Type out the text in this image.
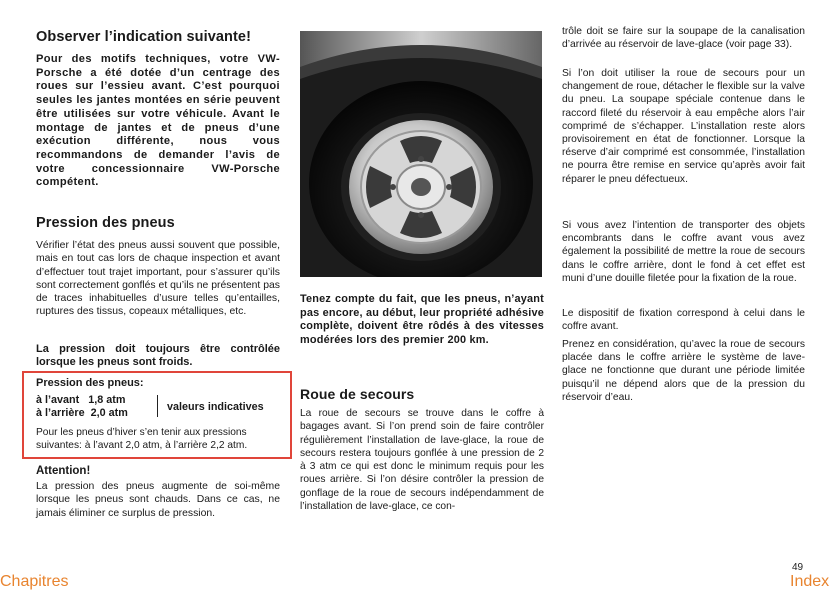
Observer l’indication suivante!

Pour des motifs techniques, votre VW-Porsche a été dotée d’un centrage des roues sur l’essieu avant. C’est pourquoi seules les jantes montées en série peuvent être utilisées sur votre véhicule. Avant le montage de jantes et de pneus d’une exécution différente, nous vous recommandons de demander l’avis de votre concessionnaire VW-Porsche compétent.

Pression des pneus

Vérifier l’état des pneus aussi souvent que possible, mais en tout cas lors de chaque inspection et avant d’effectuer tout trajet important, pour s’assurer qu’ils sont correctement gonflés et qu’ils ne présentent pas de traces inhabituelles d’usure telles qu’entailles, ruptures des tissus, copeaux métalliques, etc.

La pression doit toujours être contrôlée lorsque les pneus sont froids.

Pression des pneus:
à l’avant   1,8 atm
à l’arrière  2,0 atm	valeurs indicatives

Pour les pneus d’hiver s’en tenir aux pressions suivantes: à l’avant 2,0 atm, à l’arrière 2,2 atm.

Attention!

La pression des pneus augmente de soi-même lorsque les pneus sont chauds. Dans ce cas, ne jamais éliminer ce surplus de pression.

Tenez compte du fait, que les pneus, n’ayant pas encore, au début, leur propriété adhésive complète, doivent être rôdés à des vitesses modérées lors des premier 200 km.

Roue de secours

La roue de secours se trouve dans le coffre à bagages avant. Si l’on prend soin de faire contrôler régulièrement l’installation de lave-glace, la roue de secours restera toujours gonflée à une pression de 2 à 3 atm ce qui est donc le minimum requis pour les roues arrière. Si l’on désire contrôler la pression de gonflage de la roue de secours indépendamment de l’installation de lave-glace, ce con-

trôle doit se faire sur la soupape de la canalisation d’arrivée au réservoir de lave-glace (voir page 33).

Si l’on doit utiliser la roue de secours pour un changement de roue, détacher le flexible sur la valve du pneu. La soupape spéciale contenue dans le raccord fileté du réservoir à eau empêche alors l’air comprimé de s’échapper. L’installation reste alors provisoirement en état de fonctionner. Lorsque la réserve d’air comprimé est consommée, l’installation ne pourra être remise en service qu’après avoir fait réparer le pneu défectueux.

Si vous avez l’intention de transporter des objets encombrants dans le coffre avant vous avez également la possibilité de mettre la roue de secours dans le coffre arrière, dont le fond à cet effet est muni d’une douille filetée pour la fixation de la roue.

Le dispositif de fixation correspond à celui dans le coffre avant.

Prenez en considération, qu’avec la roue de secours placée dans le coffre arrière le système de lave-glace ne fonctionne que durant une période limitée puisqu’il ne dépend alors que de la pression du réservoir d’eau.

Chapitres
49
Index
